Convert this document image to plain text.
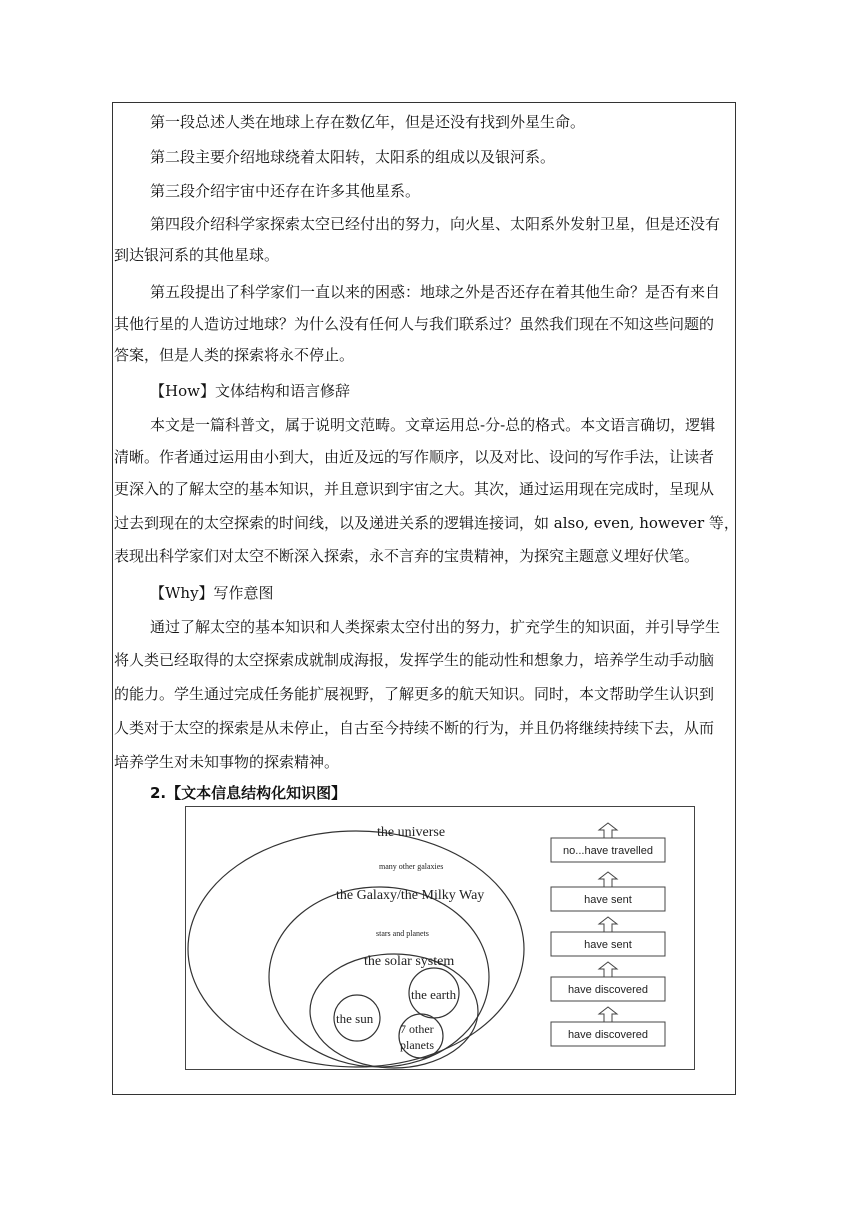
第一段总述人类在地球上存在数亿年，但是还没有找到外星生命。
第二段主要介绍地球绕着太阳转，太阳系的组成以及银河系。
第三段介绍宇宙中还存在许多其他星系。
第四段介绍科学家探索太空已经付出的努力，向火星、太阳系外发射卫星，但是还没有
到达银河系的其他星球。
第五段提出了科学家们一直以来的困惑：地球之外是否还存在着其他生命？是否有来自
其他行星的人造访过地球？为什么没有任何人与我们联系过？虽然我们现在不知这些问题的
答案，但是人类的探索将永不停止。
【How】文体结构和语言修辞
本文是一篇科普文，属于说明文范畴。文章运用总-分-总的格式。本文语言确切，逻辑
清晰。作者通过运用由小到大，由近及远的写作顺序，以及对比、设问的写作手法，让读者
更深入的了解太空的基本知识，并且意识到宇宙之大。其次，通过运用现在完成时，呈现从
过去到现在的太空探索的时间线，以及递进关系的逻辑连接词，如 also, even, however 等，
表现出科学家们对太空不断深入探索，永不言弃的宝贵精神，为探究主题意义埋好伏笔。
【Why】写作意图
通过了解太空的基本知识和人类探索太空付出的努力，扩充学生的知识面，并引导学生
将人类已经取得的太空探索成就制成海报，发挥学生的能动性和想象力，培养学生动手动脑
的能力。学生通过完成任务能扩展视野，了解更多的航天知识。同时，本文帮助学生认识到
人类对于太空的探索是从未停止，自古至今持续不断的行为，并且仍将继续持续下去，从而
培养学生对未知事物的探索精神。
2.【文本信息结构化知识图】
the universe
many other galaxies
the Galaxy/the Milky Way
stars and planets
the solar system
the earth
the sun
7 other
planets
no...have travelled
have sent
have sent
have discovered
have discovered
